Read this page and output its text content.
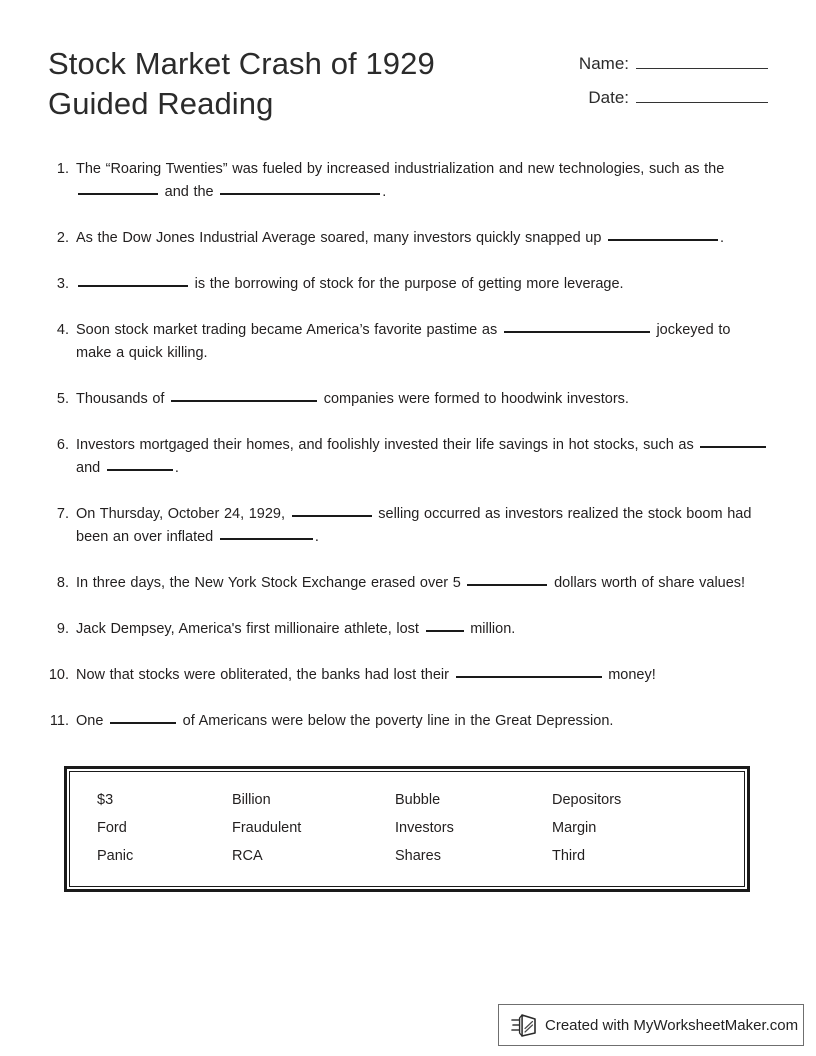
Stock Market Crash of 1929
Guided Reading
Name:
Date:
1. The “Roaring Twenties” was fueled by increased industrialization and new technologies, such as the  and the	.
2. As the Dow Jones Industrial Average soared, many investors quickly snapped up	.
3.	is the borrowing of stock for the purpose of getting more leverage.
4. Soon stock market trading became America’s favorite pastime as	jockeyed to make a quick killing.
5. Thousands of	companies were formed to hoodwink investors.
6. Investors mortgaged their homes, and foolishly invested their life savings in hot stocks, such as  and	.
7. On Thursday, October 24, 1929,	selling occurred as investors realized the stock boom had been an over inflated	.
8. In three days, the New York Stock Exchange erased over 5	dollars worth of share values!
9. Jack Dempsey, America's first millionaire athlete, lost	million.
10. Now that stocks were obliterated, the banks had lost their	money!
11. One	of Americans were below the poverty line in the Great Depression.
$3	Billion	Bubble	Depositors
Ford	Fraudulent	Investors	Margin
Panic	RCA	Shares	Third
Created with MyWorksheetMaker.com
